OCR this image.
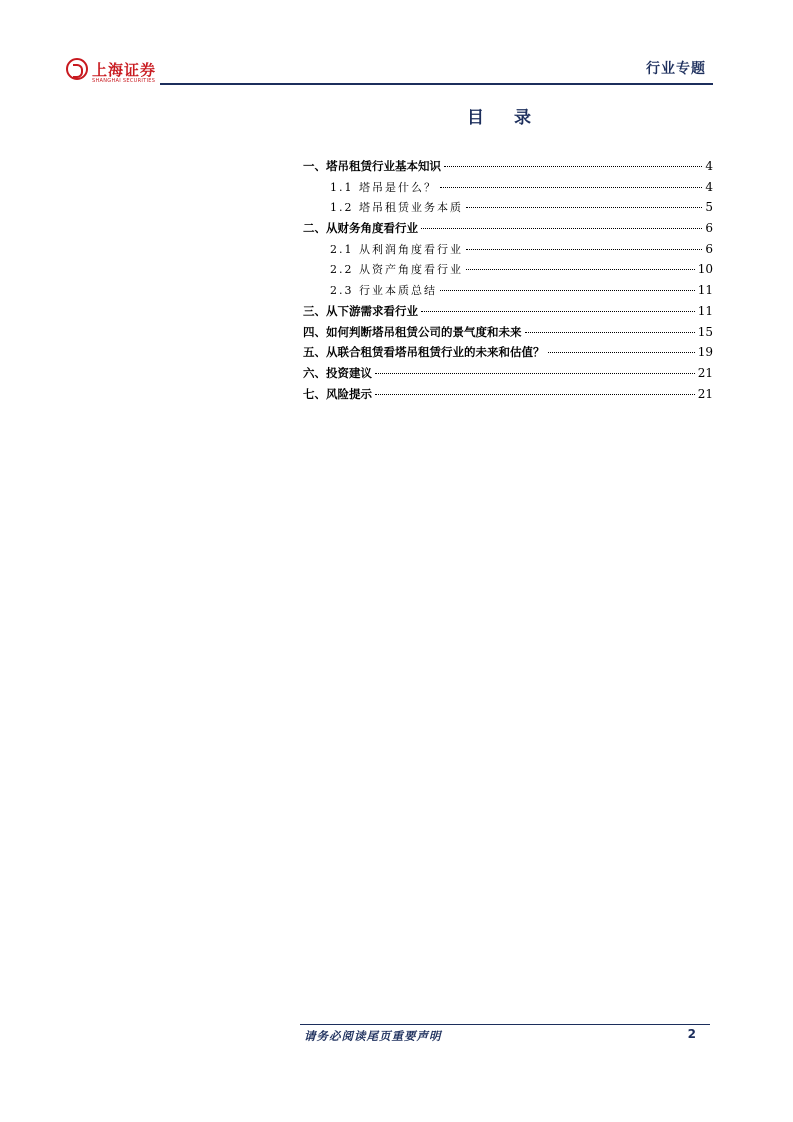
上海证券
SHANGHAI SECURITIES
行业专题
目 录
一、塔吊租赁行业基本知识	4
1.1 塔吊是什么？	4
1.2 塔吊租赁业务本质	5
二、从财务角度看行业	6
2.1 从利润角度看行业	6
2.2 从资产角度看行业	10
2.3 行业本质总结	11
三、从下游需求看行业	11
四、如何判断塔吊租赁公司的景气度和未来	15
五、从联合租赁看塔吊租赁行业的未来和估值？	19
六、投资建议	21
七、风险提示	21
请务必阅读尾页重要声明	2
